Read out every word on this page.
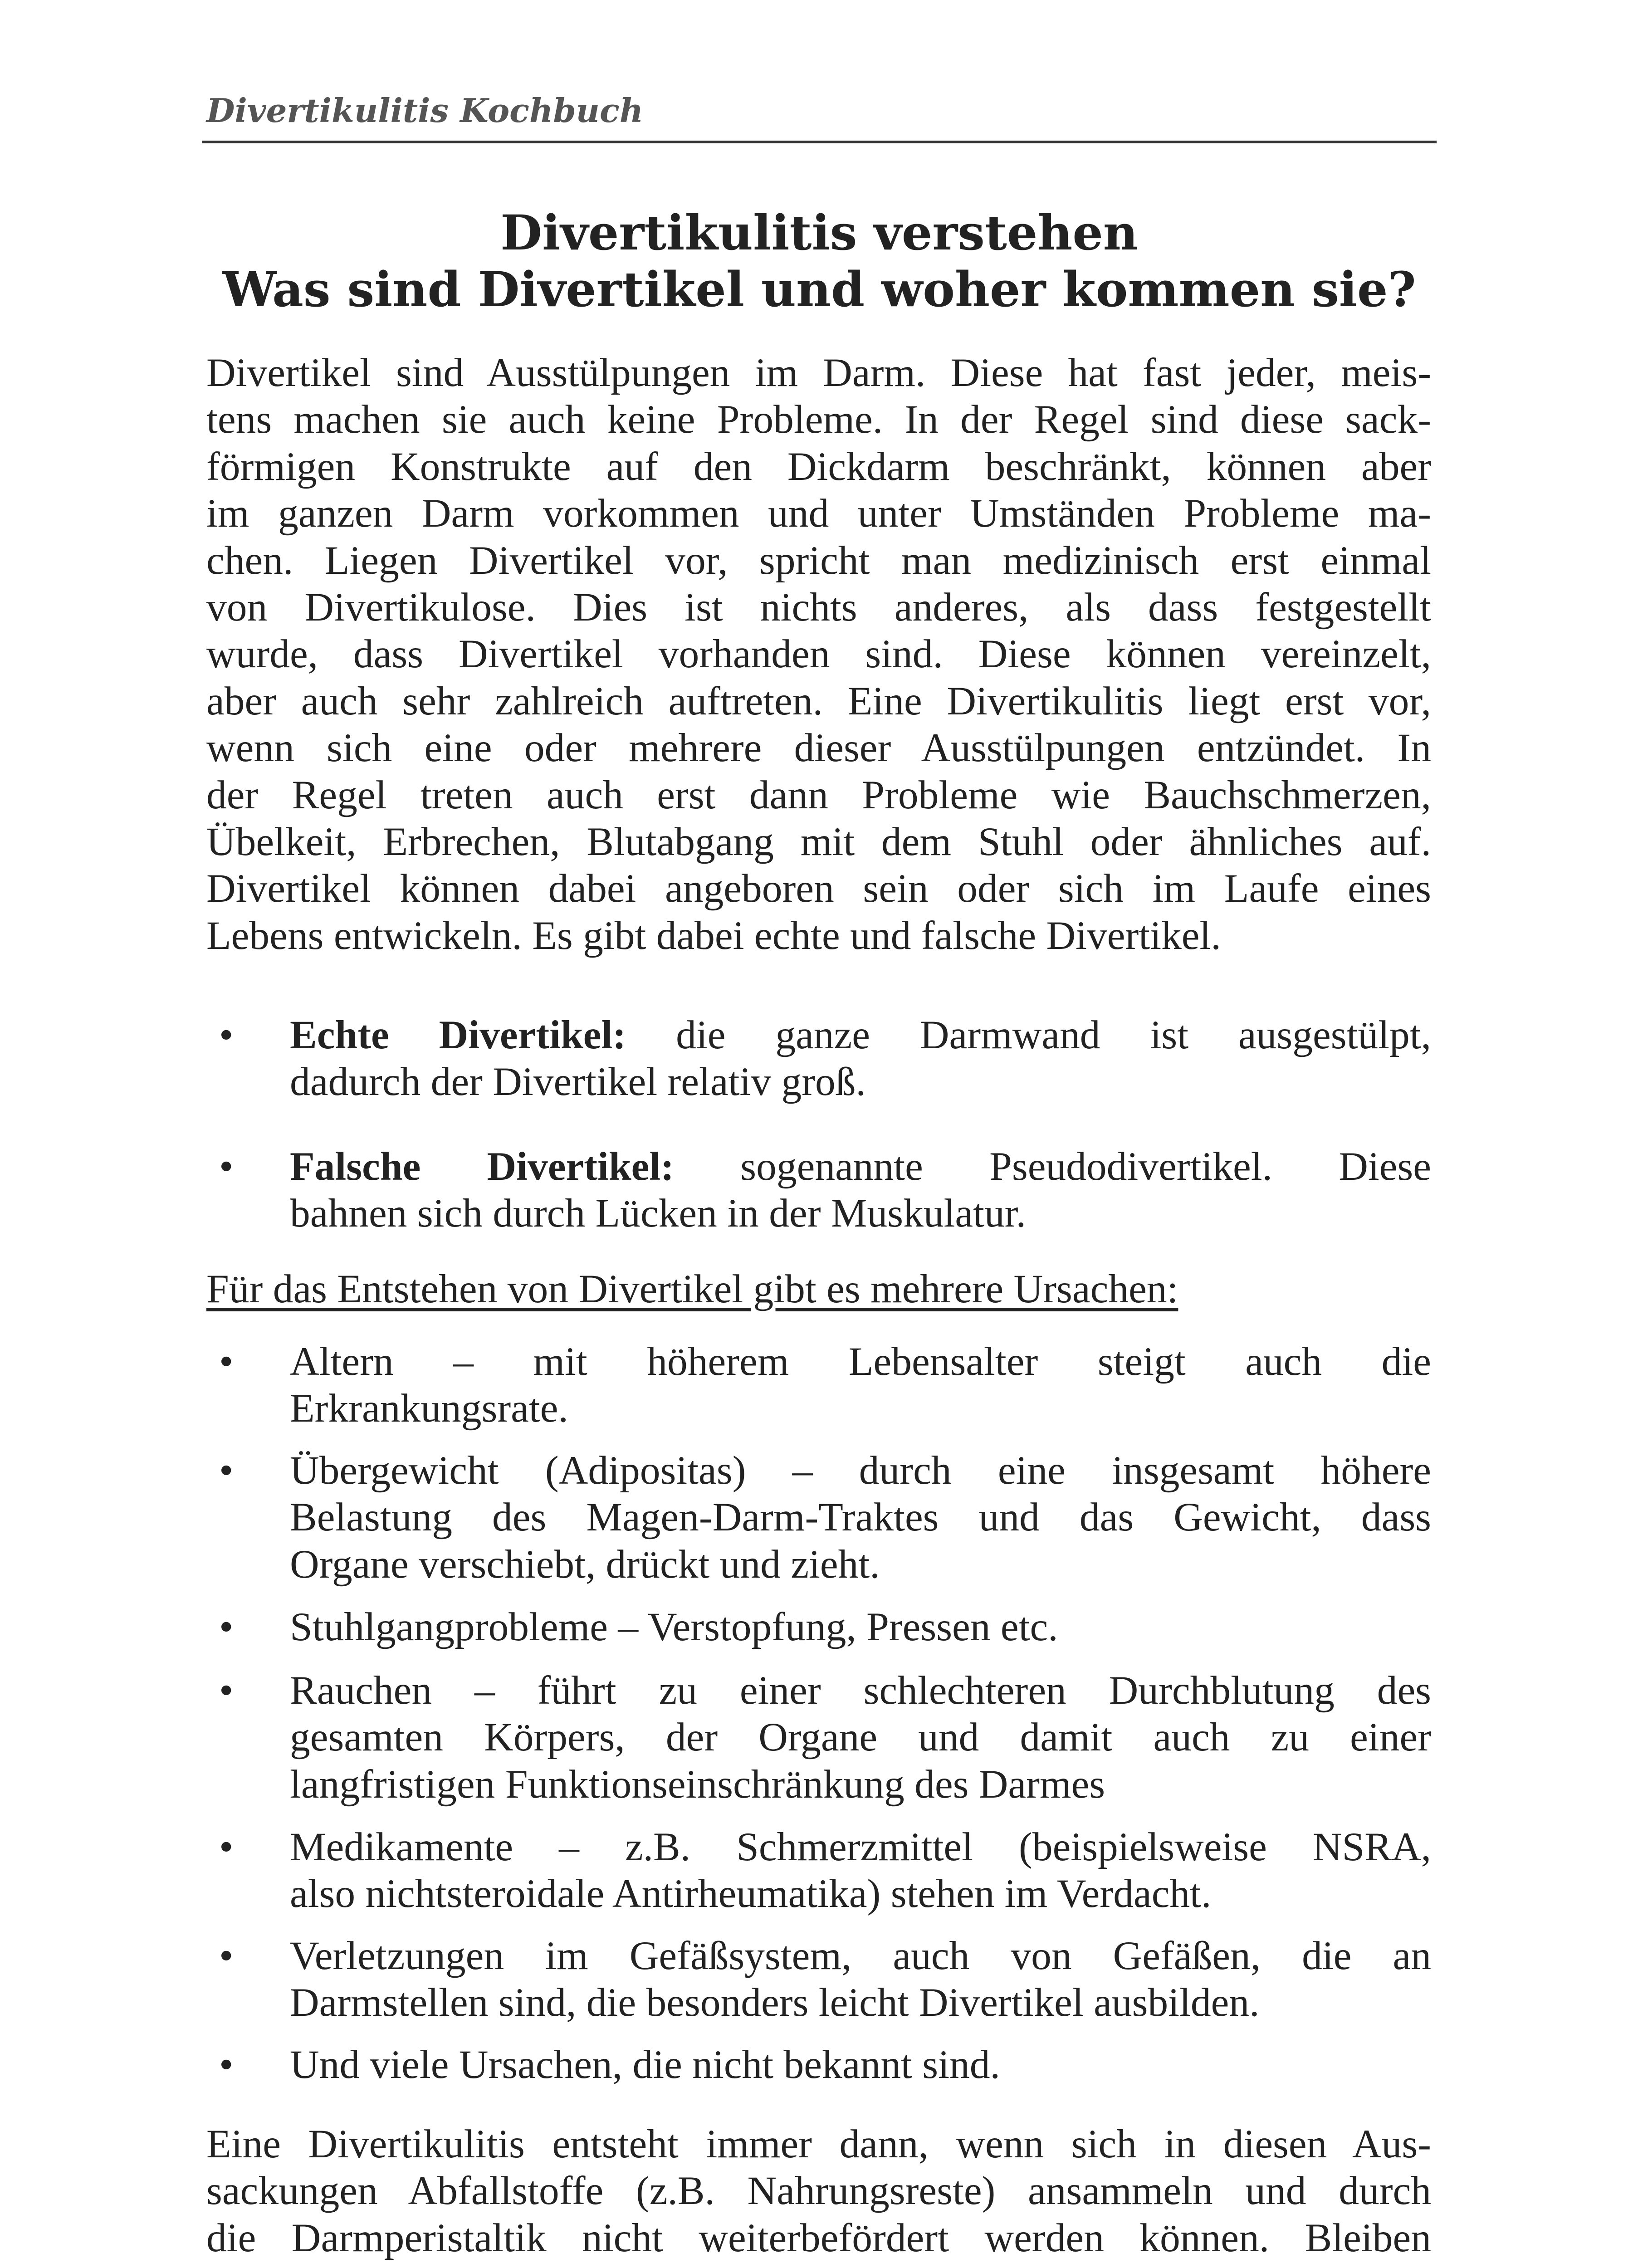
Divertikulitis Kochbuch
Divertikulitis verstehen
Was sind Divertikel und woher kommen sie?
Divertikel sind Ausstülpungen im Darm. Diese hat fast jeder, meis-
tens machen sie auch keine Probleme. In der Regel sind diese sack-
förmigen Konstrukte auf den Dickdarm beschränkt, können aber
im ganzen Darm vorkommen und unter Umständen Probleme ma-
chen. Liegen Divertikel vor, spricht man medizinisch erst einmal
von Divertikulose. Dies ist nichts anderes, als dass festgestellt
wurde, dass Divertikel vorhanden sind. Diese können vereinzelt,
aber auch sehr zahlreich auftreten. Eine Divertikulitis liegt erst vor,
wenn sich eine oder mehrere dieser Ausstülpungen entzündet. In
der Regel treten auch erst dann Probleme wie Bauchschmerzen,
Übelkeit, Erbrechen, Blutabgang mit dem Stuhl oder ähnliches auf.
Divertikel können dabei angeboren sein oder sich im Laufe eines
Lebens entwickeln. Es gibt dabei echte und falsche Divertikel.
• Echte Divertikel: die ganze Darmwand ist ausgestülpt,
dadurch der Divertikel relativ groß.
• Falsche Divertikel: sogenannte Pseudodivertikel. Diese
bahnen sich durch Lücken in der Muskulatur.
Für das Entstehen von Divertikel gibt es mehrere Ursachen:
• Altern – mit höherem Lebensalter steigt auch die
Erkrankungsrate.
• Übergewicht (Adipositas) – durch eine insgesamt höhere
Belastung des Magen-Darm-Traktes und das Gewicht, dass
Organe verschiebt, drückt und zieht.
• Stuhlgangprobleme – Verstopfung, Pressen etc.
• Rauchen – führt zu einer schlechteren Durchblutung des
gesamten Körpers, der Organe und damit auch zu einer
langfristigen Funktionseinschränkung des Darmes
• Medikamente – z.B. Schmerzmittel (beispielsweise NSRA,
also nichtsteroidale Antirheumatika) stehen im Verdacht.
• Verletzungen im Gefäßsystem, auch von Gefäßen, die an
Darmstellen sind, die besonders leicht Divertikel ausbilden.
• Und viele Ursachen, die nicht bekannt sind.
Eine Divertikulitis entsteht immer dann, wenn sich in diesen Aus-
sackungen Abfallstoffe (z.B. Nahrungsreste) ansammeln und durch
die Darmperistaltik nicht weiterbefördert werden können. Bleiben
